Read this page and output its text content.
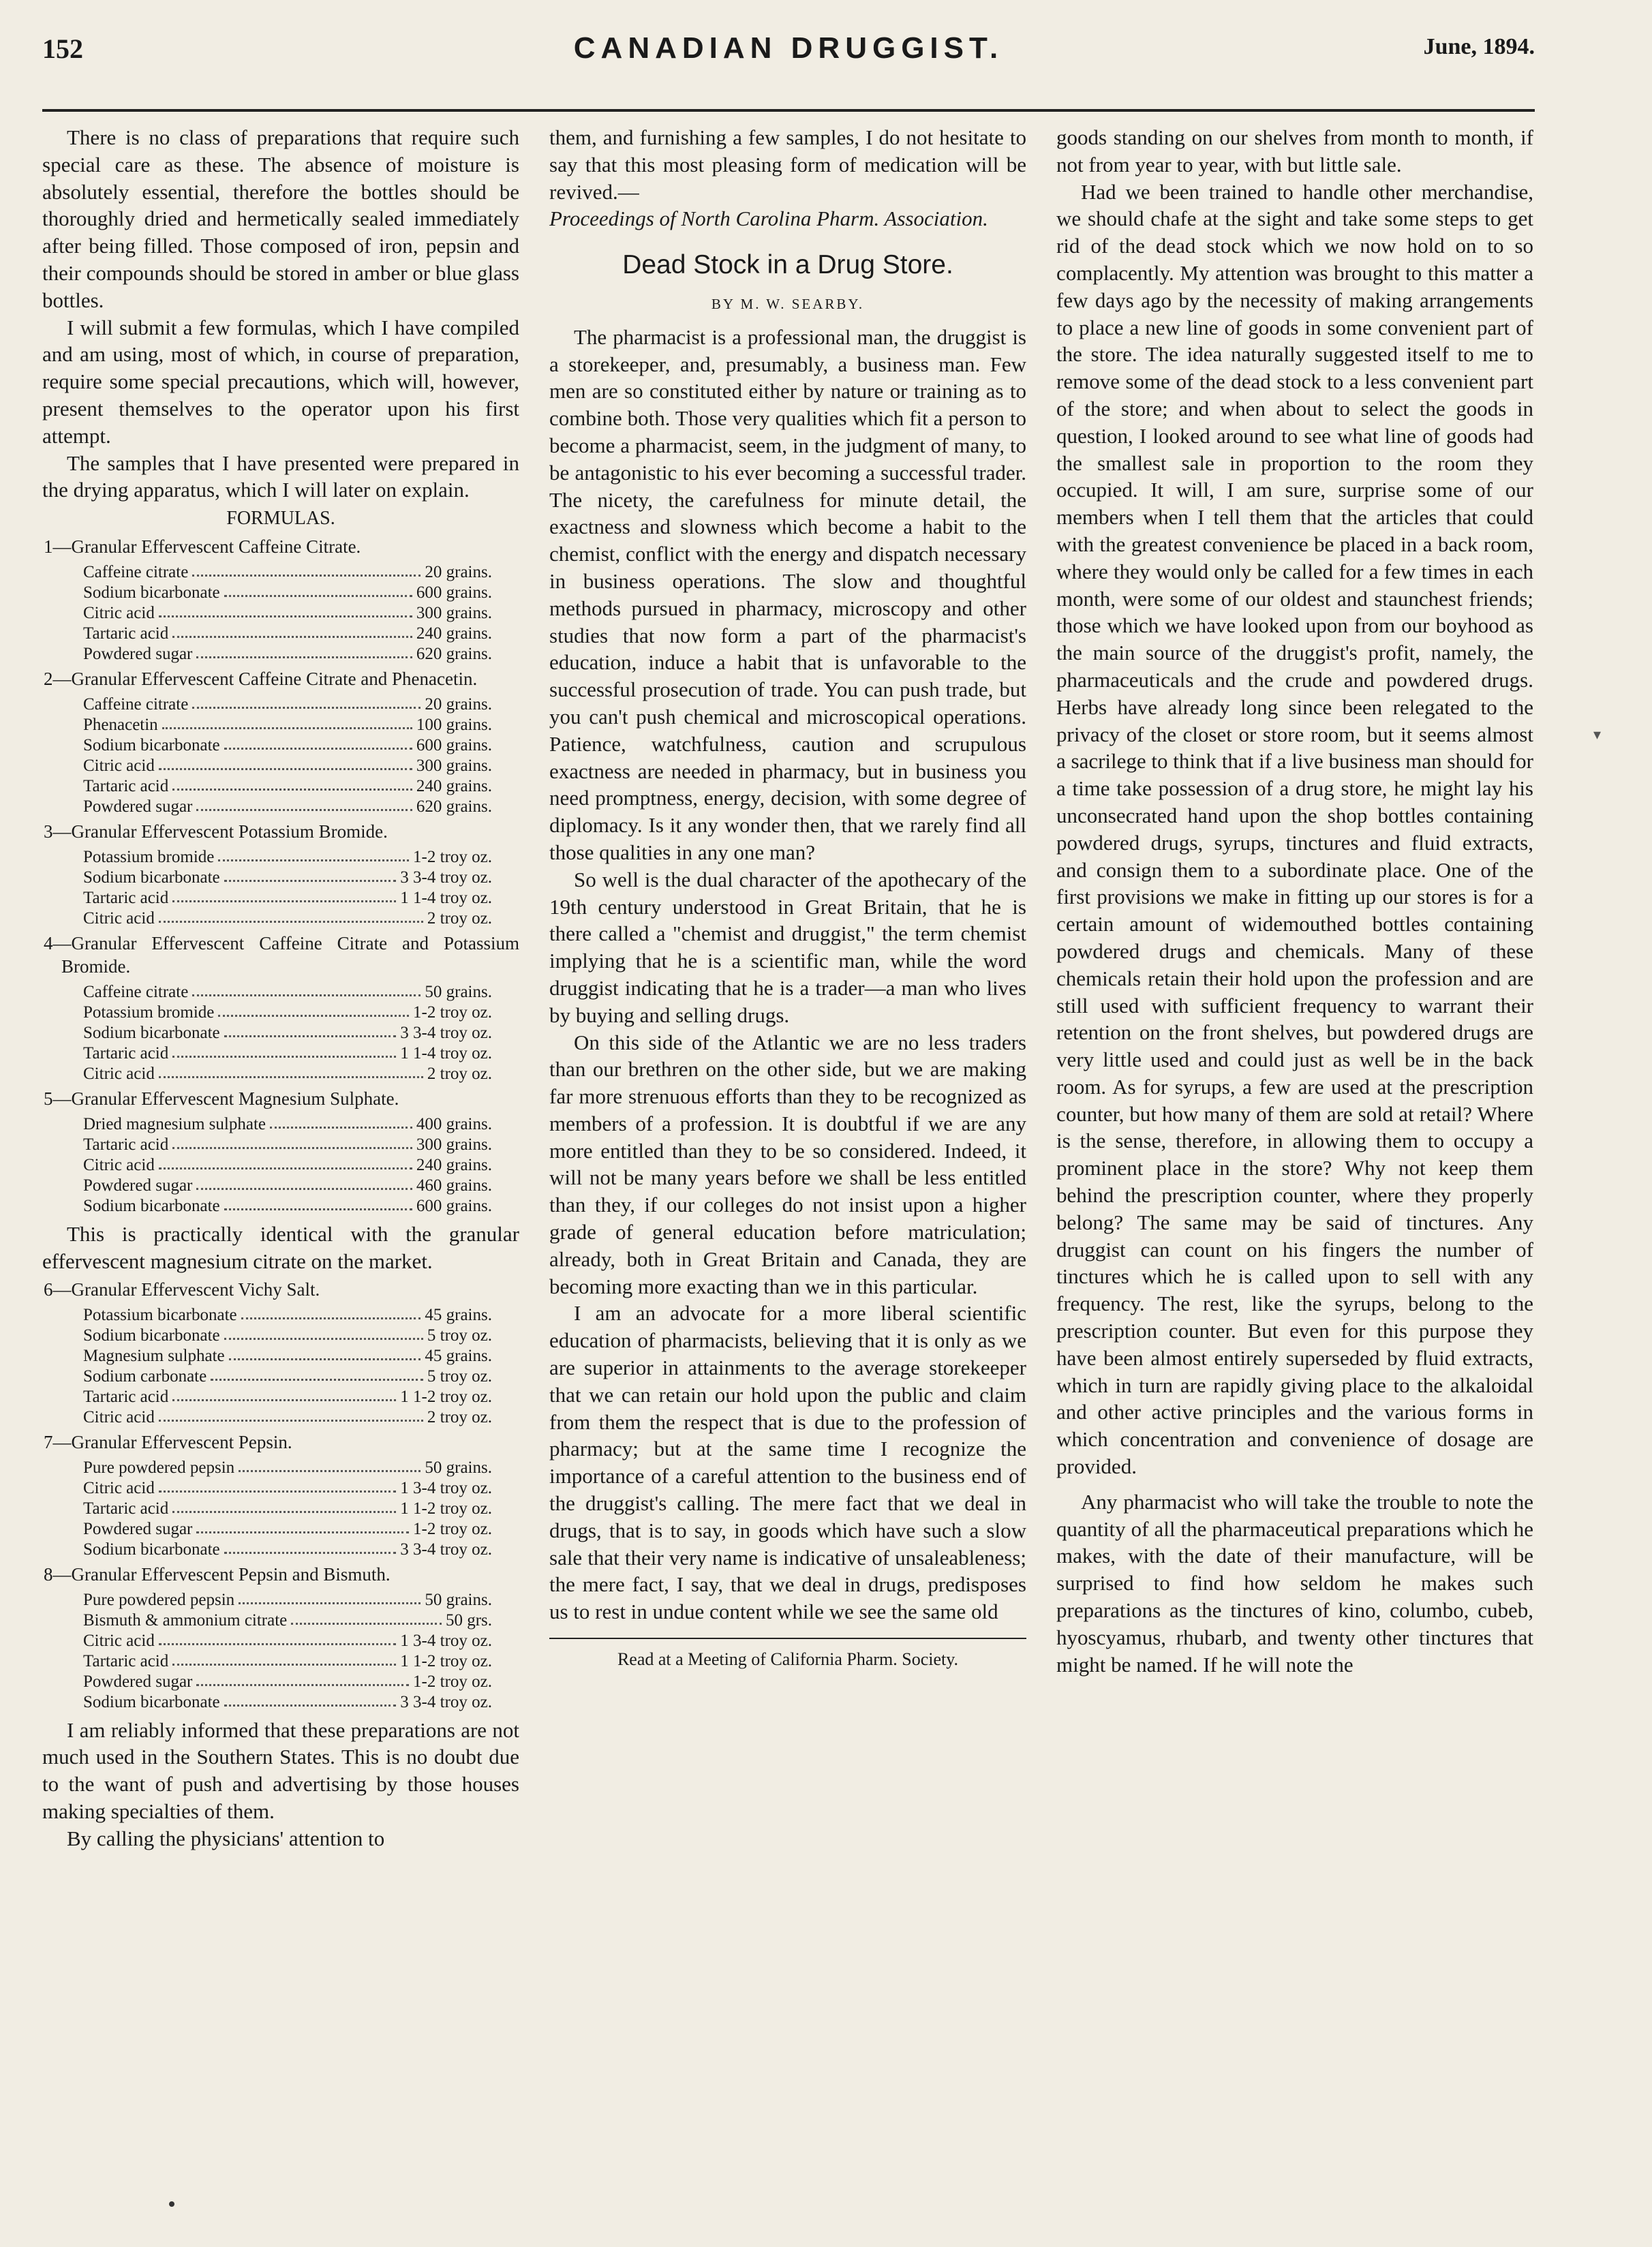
152	CANADIAN DRUGGIST.	June, 1894.

There is no class of preparations that require such special care as these. The absence of moisture is absolutely essential, therefore the bottles should be thoroughly dried and hermetically sealed immediately after being filled. Those composed of iron, pepsin and their compounds should be stored in amber or blue glass bottles.

I will submit a few formulas, which I have compiled and am using, most of which, in course of preparation, require some special precautions, which will, however, present themselves to the operator upon his first attempt.

The samples that I have presented were prepared in the drying apparatus, which I will later on explain.

FORMULAS.
1—Granular Effervescent Caffeine Citrate.
Caffeine citrate	20 grains.
Sodium bicarbonate	600 grains.
Citric acid	300 grains.
Tartaric acid	240 grains.
Powdered sugar	620 grains.
2—Granular Effervescent Caffeine Citrate and Phenacetin.
Caffeine citrate	20 grains.
Phenacetin	100 grains.
Sodium bicarbonate	600 grains.
Citric acid	300 grains.
Tartaric acid	240 grains.
Powdered sugar	620 grains.
3—Granular Effervescent Potassium Bromide.
Potassium bromide	1-2 troy oz.
Sodium bicarbonate	3 3-4 troy oz.
Tartaric acid	1 1-4 troy oz.
Citric acid	2 troy oz.
4—Granular Effervescent Caffeine Citrate and Potassium Bromide.
Caffeine citrate	50 grains.
Potassium bromide	1-2 troy oz.
Sodium bicarbonate	3 3-4 troy oz.
Tartaric acid	1 1-4 troy oz.
Citric acid	2 troy oz.
5—Granular Effervescent Magnesium Sulphate.
Dried magnesium sulphate	400 grains.
Tartaric acid	300 grains.
Citric acid	240 grains.
Powdered sugar	460 grains.
Sodium bicarbonate	600 grains.

This is practically identical with the granular effervescent magnesium citrate on the market.

6—Granular Effervescent Vichy Salt.
Potassium bicarbonate	45 grains.
Sodium bicarbonate	5 troy oz.
Magnesium sulphate	45 grains.
Sodium carbonate	5 troy oz.
Tartaric acid	1 1-2 troy oz.
Citric acid	2 troy oz.
7—Granular Effervescent Pepsin.
Pure powdered pepsin	50 grains.
Citric acid	1 3-4 troy oz.
Tartaric acid	1 1-2 troy oz.
Powdered sugar	1-2 troy oz.
Sodium bicarbonate	3 3-4 troy oz.
8—Granular Effervescent Pepsin and Bismuth.
Pure powdered pepsin	50 grains.
Bismuth & ammonium citrate	50 grs.
Citric acid	1 3-4 troy oz.
Tartaric acid	1 1-2 troy oz.
Powdered sugar	1-2 troy oz.
Sodium bicarbonate	3 3-4 troy oz.

I am reliably informed that these preparations are not much used in the Southern States. This is no doubt due to the want of push and advertising by those houses making specialties of them.

By calling the physicians' attention to

them, and furnishing a few samples, I do not hesitate to say that this most pleasing form of medication will be revived.—

Proceedings of North Carolina Pharm. Association.

Dead Stock in a Drug Store.
BY M. W. SEARBY.

The pharmacist is a professional man, the druggist is a storekeeper, and, presumably, a business man. Few men are so constituted either by nature or training as to combine both. Those very qualities which fit a person to become a pharmacist, seem, in the judgment of many, to be antagonistic to his ever becoming a successful trader. The nicety, the carefulness for minute detail, the exactness and slowness which become a habit to the chemist, conflict with the energy and dispatch necessary in business operations. The slow and thoughtful methods pursued in pharmacy, microscopy and other studies that now form a part of the pharmacist's education, induce a habit that is unfavorable to the successful prosecution of trade. You can push trade, but you can't push chemical and microscopical operations. Patience, watchfulness, caution and scrupulous exactness are needed in pharmacy, but in business you need promptness, energy, decision, with some degree of diplomacy. Is it any wonder then, that we rarely find all those qualities in any one man?

So well is the dual character of the apothecary of the 19th century understood in Great Britain, that he is there called a "chemist and druggist," the term chemist implying that he is a scientific man, while the word druggist indicating that he is a trader—a man who lives by buying and selling drugs.

On this side of the Atlantic we are no less traders than our brethren on the other side, but we are making far more strenuous efforts than they to be recognized as members of a profession. It is doubtful if we are any more entitled than they to be so considered. Indeed, it will not be many years before we shall be less entitled than they, if our colleges do not insist upon a higher grade of general education before matriculation; already, both in Great Britain and Canada, they are becoming more exacting than we in this particular.

I am an advocate for a more liberal scientific education of pharmacists, believing that it is only as we are superior in attainments to the average storekeeper that we can retain our hold upon the public and claim from them the respect that is due to the profession of pharmacy; but at the same time I recognize the importance of a careful attention to the business end of the druggist's calling. The mere fact that we deal in drugs, that is to say, in goods which have such a slow sale that their very name is indicative of unsaleableness; the mere fact, I say, that we deal in drugs, predisposes us to rest in undue content while we see the same old

Read at a Meeting of California Pharm. Society.

goods standing on our shelves from month to month, if not from year to year, with but little sale.

Had we been trained to handle other merchandise, we should chafe at the sight and take some steps to get rid of the dead stock which we now hold on to so complacently. My attention was brought to this matter a few days ago by the necessity of making arrangements to place a new line of goods in some convenient part of the store. The idea naturally suggested itself to me to remove some of the dead stock to a less convenient part of the store; and when about to select the goods in question, I looked around to see what line of goods had the smallest sale in proportion to the room they occupied. It will, I am sure, surprise some of our members when I tell them that the articles that could with the greatest convenience be placed in a back room, where they would only be called for a few times in each month, were some of our oldest and staunchest friends; those which we have looked upon from our boyhood as the main source of the druggist's profit, namely, the pharmaceuticals and the crude and powdered drugs. Herbs have already long since been relegated to the privacy of the closet or store room, but it seems almost a sacrilege to think that if a live business man should for a time take possession of a drug store, he might lay his unconsecrated hand upon the shop bottles containing powdered drugs, syrups, tinctures and fluid extracts, and consign them to a subordinate place. One of the first provisions we make in fitting up our stores is for a certain amount of widemouthed bottles containing powdered drugs and chemicals. Many of these chemicals retain their hold upon the profession and are still used with sufficient frequency to warrant their retention on the front shelves, but powdered drugs are very little used and could just as well be in the back room. As for syrups, a few are used at the prescription counter, but how many of them are sold at retail? Where is the sense, therefore, in allowing them to occupy a prominent place in the store? Why not keep them behind the prescription counter, where they properly belong? The same may be said of tinctures. Any druggist can count on his fingers the number of tinctures which he is called upon to sell with any frequency. The rest, like the syrups, belong to the prescription counter. But even for this purpose they have been almost entirely superseded by fluid extracts, which in turn are rapidly giving place to the alkaloidal and other active principles and the various forms in which concentration and convenience of dosage are provided.

Any pharmacist who will take the trouble to note the quantity of all the pharmaceutical preparations which he makes, with the date of their manufacture, will be surprised to find how seldom he makes such preparations as the tinctures of kino, columbo, cubeb, hyoscyamus, rhubarb, and twenty other tinctures that might be named. If he will note the

▾
